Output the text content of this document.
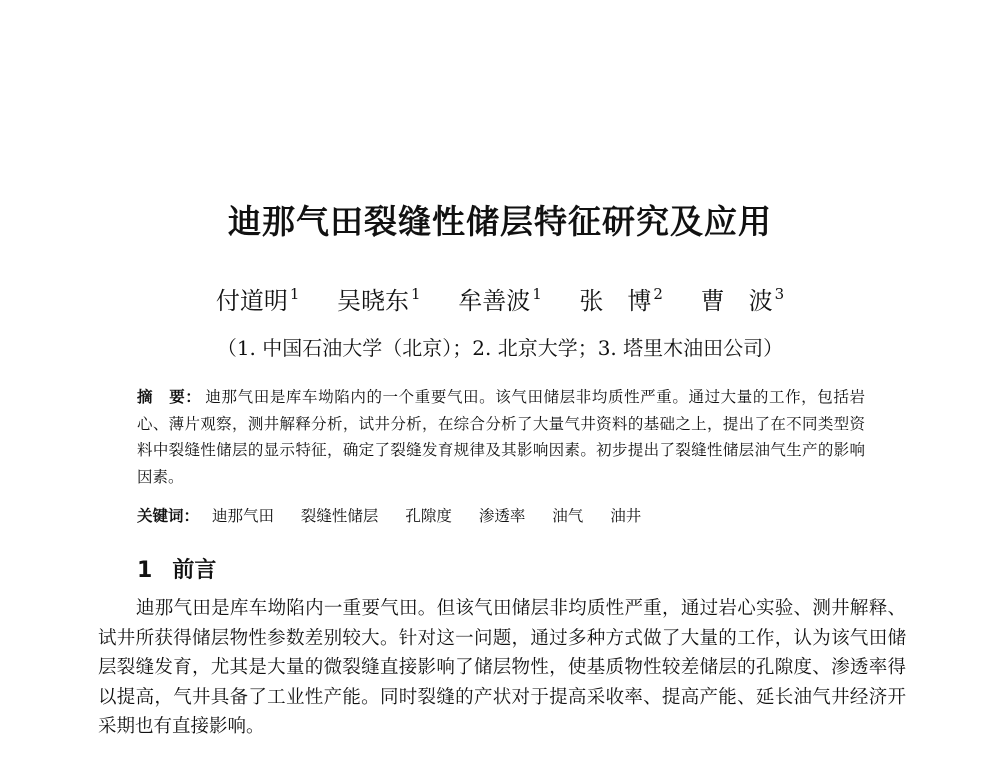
迪那气田裂缝性储层特征研究及应用
付道明 $^1$ 吴晓东 $^1$ 牟善波 $^1$ 张　博 $^2$ 曹　波 $^3$
（1. 中国石油大学（北京）；2. 北京大学；3. 塔里木油田公司）
摘　要： 迪那气田是库车坳陷内的一个重要气田。该气田储层非均质性严重。通过大量的工作，包括岩心、薄片观察，测井解释分析，试井分析，在综合分析了大量气井资料的基础之上，提出了在不同类型资料中裂缝性储层的显示特征，确定了裂缝发育规律及其影响因素。初步提出了裂缝性储层油气生产的影响因素。
关键词： 迪那气田 裂缝性储层 孔隙度 渗透率 油气 油井
1 前言

迪那气田是库车坳陷内一重要气田。但该气田储层非均质性严重，通过岩心实验、测井解释、试井所获得储层物性参数差别较大。针对这一问题，通过多种方式做了大量的工作，认为该气田储层裂缝发育，尤其是大量的微裂缝直接影响了储层物性，使基质物性较差储层的孔隙度、渗透率得以提高，气井具备了工业性产能。同时裂缝的产状对于提高采收率、提高产能、延长油气井经济开采期也有直接影响。
